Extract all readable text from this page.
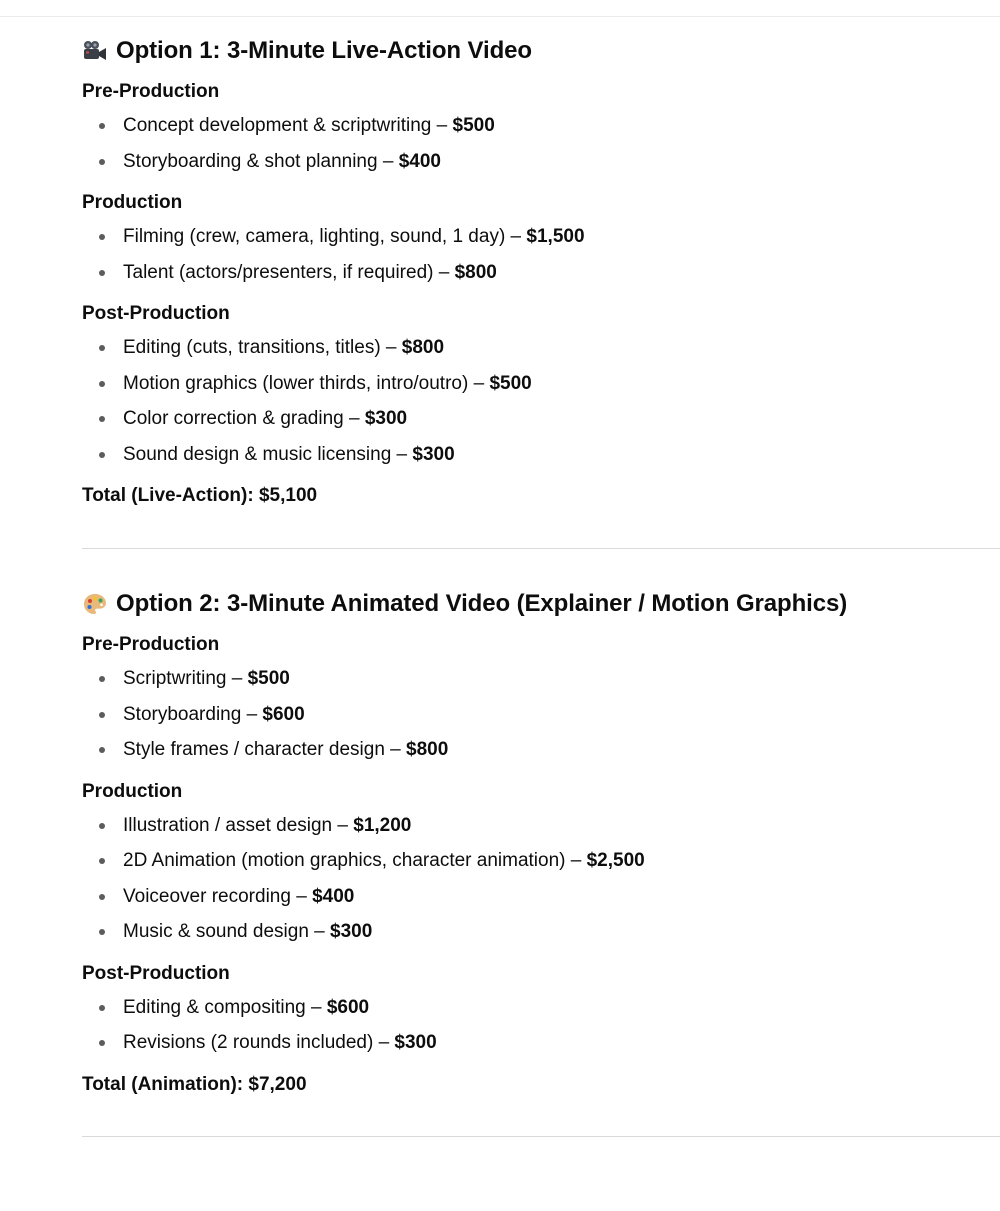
Option 1: 3-Minute Live-Action Video
Pre-Production
Concept development & scriptwriting – $500
Storyboarding & shot planning – $400
Production
Filming (crew, camera, lighting, sound, 1 day) – $1,500
Talent (actors/presenters, if required) – $800
Post-Production
Editing (cuts, transitions, titles) – $800
Motion graphics (lower thirds, intro/outro) – $500
Color correction & grading – $300
Sound design & music licensing – $300

Total (Live-Action): $5,100

Option 2: 3-Minute Animated Video (Explainer / Motion Graphics)
Pre-Production
Scriptwriting – $500
Storyboarding – $600
Style frames / character design – $800
Production
Illustration / asset design – $1,200
2D Animation (motion graphics, character animation) – $2,500
Voiceover recording – $400
Music & sound design – $300
Post-Production
Editing & compositing – $600
Revisions (2 rounds included) – $300

Total (Animation): $7,200
